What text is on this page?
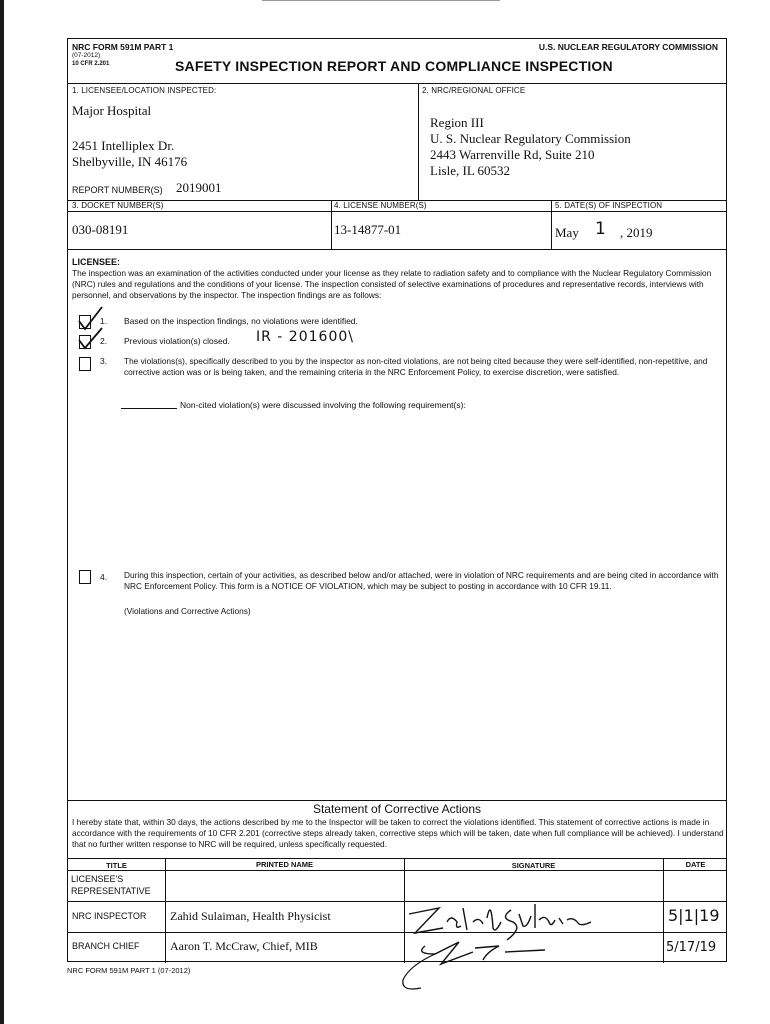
NRC FORM 591M PART 1
(07-2012)
10 CFR 2.201
U.S. NUCLEAR REGULATORY COMMISSION
SAFETY INSPECTION REPORT AND COMPLIANCE INSPECTION
1. LICENSEE/LOCATION INSPECTED:
Major Hospital
2451 Intelliplex Dr.
Shelbyville, IN 46176
2. NRC/REGIONAL OFFICE
Region III
U. S. Nuclear Regulatory Commission
2443 Warrenville Rd, Suite 210
Lisle, IL 60532
REPORT NUMBER(S) 2019001
3. DOCKET NUMBER(S)	4. LICENSE NUMBER(S)	5. DATE(S) OF INSPECTION
030-08191	13-14877-01	May 1 , 2019
LICENSEE:
The inspection was an examination of the activities conducted under your license as they relate to radiation safety and to compliance with the Nuclear Regulatory Commission (NRC) rules and regulations and the conditions of your license. The inspection consisted of selective examinations of procedures and representative records, interviews with personnel, and observations by the inspector. The inspection findings are as follows:
1. Based on the inspection findings, no violations were identified.
2. Previous violation(s) closed. IR - 201600\
3. The violations(s), specifically described to you by the inspector as non-cited violations, are not being cited because they were self-identified, non-repetitive, and corrective action was or is being taken, and the remaining criteria in the NRC Enforcement Policy, to exercise discretion, were satisfied.
Non-cited violation(s) were discussed involving the following requirement(s):
4. During this inspection, certain of your activities, as described below and/or attached, were in violation of NRC requirements and are being cited in accordance with NRC Enforcement Policy. This form is a NOTICE OF VIOLATION, which may be subject to posting in accordance with 10 CFR 19.11.
(Violations and Corrective Actions)
Statement of Corrective Actions
I hereby state that, within 30 days, the actions described by me to the Inspector will be taken to correct the violations identified. This statement of corrective actions is made in accordance with the requirements of 10 CFR 2.201 (corrective steps already taken, corrective steps which will be taken, date when full compliance will be achieved). I understand that no further written response to NRC will be required, unless specifically requested.
TITLE	PRINTED NAME	SIGNATURE	DATE
LICENSEE'S REPRESENTATIVE
NRC INSPECTOR Zahid Sulaiman, Health Physicist	5|1|19
BRANCH CHIEF	Aaron T. McCraw, Chief, MIB	5/17/19
NRC FORM 591M PART 1 (07-2012)
